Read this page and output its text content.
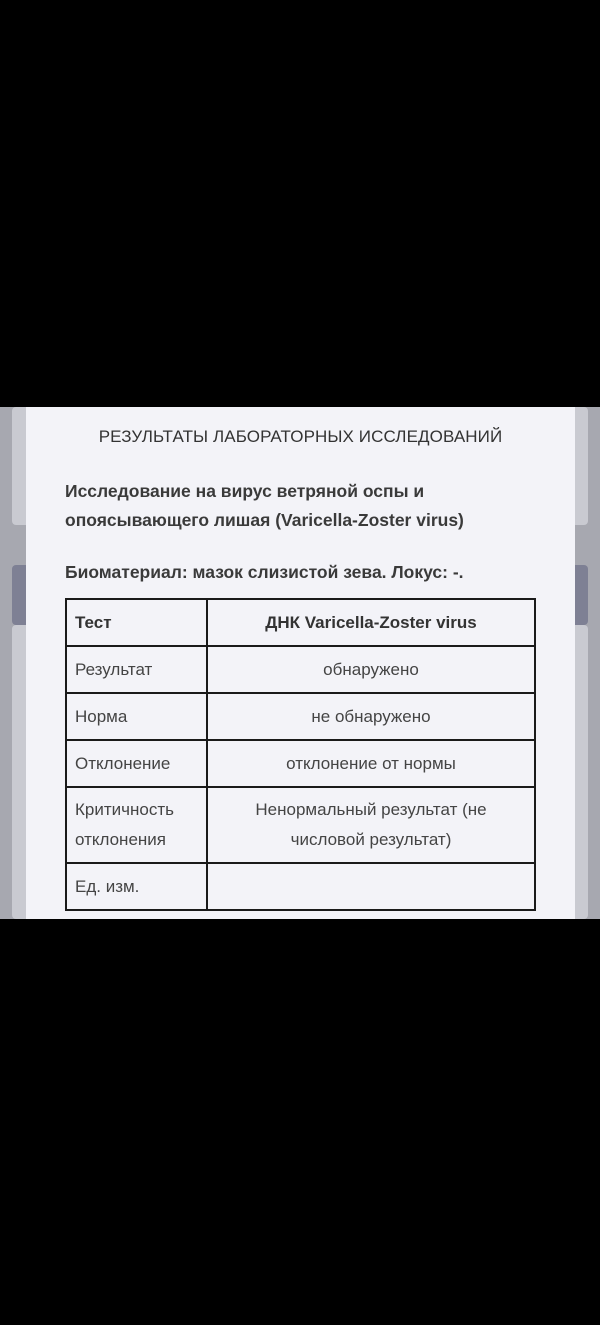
РЕЗУЛЬТАТЫ ЛАБОРАТОРНЫХ ИССЛЕДОВАНИЙ
Исследование на вирус ветряной оспы и опоясывающего лишая (Varicella-Zoster virus)
Биоматериал: мазок слизистой зева. Локус: -.
Тест	ДНК Varicella-Zoster virus
Результат	обнаружено
Норма	не обнаружено
Отклонение	отклонение от нормы
Критичность отклонения	Ненормальный результат (не числовой результат)
Ед. изм.	
